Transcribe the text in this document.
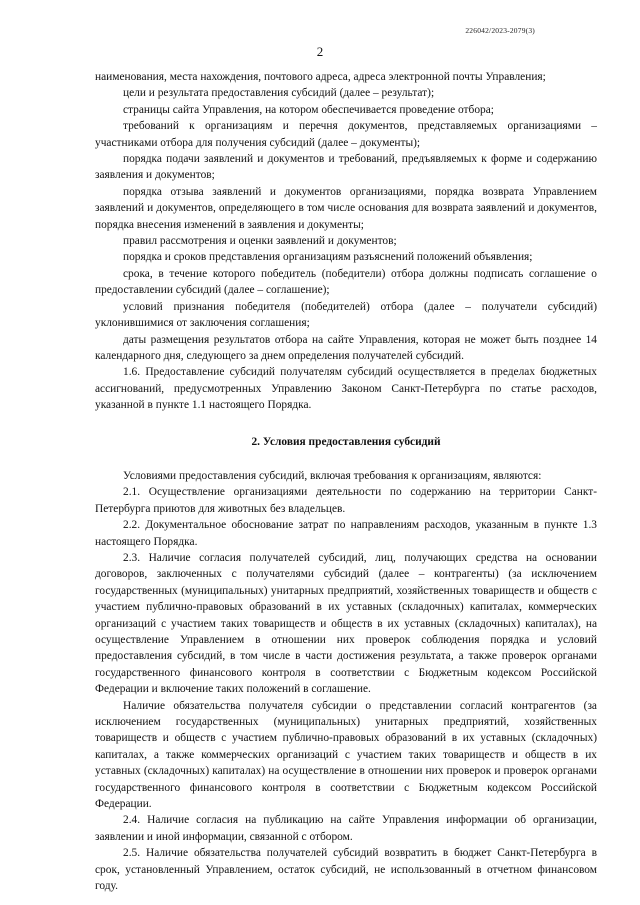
226042/2023-2079(3)
2

наименования, места нахождения, почтового адреса, адреса электронной почты Управления;

цели и результата предоставления субсидий (далее – результат);

страницы сайта Управления, на котором обеспечивается проведение отбора;

требований к организациям и перечня документов, представляемых организациями – участниками отбора для получения субсидий (далее – документы);

порядка подачи заявлений и документов и требований, предъявляемых к форме и содержанию заявления и документов;

порядка отзыва заявлений и документов организациями, порядка возврата Управлением заявлений и документов, определяющего в том числе основания для возврата заявлений и документов, порядка внесения изменений в заявления и документы;

правил рассмотрения и оценки заявлений и документов;

порядка и сроков представления организациям разъяснений положений объявления;

срока, в течение которого победитель (победители) отбора должны подписать соглашение о предоставлении субсидий (далее – соглашение);

условий признания победителя (победителей) отбора (далее – получатели субсидий) уклонившимися от заключения соглашения;

даты размещения результатов отбора на сайте Управления, которая не может быть позднее 14 календарного дня, следующего за днем определения получателей субсидий.

1.6. Предоставление субсидий получателям субсидий осуществляется в пределах бюджетных ассигнований, предусмотренных Управлению Законом Санкт-Петербурга по статье расходов, указанной в пункте 1.1 настоящего Порядка.

2. Условия предоставления субсидий

Условиями предоставления субсидий, включая требования к организациям, являются:

2.1. Осуществление организациями деятельности по содержанию на территории Санкт-Петербурга приютов для животных без владельцев.

2.2. Документальное обоснование затрат по направлениям расходов, указанным в пункте 1.3 настоящего Порядка.

2.3. Наличие согласия получателей субсидий, лиц, получающих средства на основании договоров, заключенных с получателями субсидий (далее – контрагенты) (за исключением государственных (муниципальных) унитарных предприятий, хозяйственных товариществ и обществ с участием публично-правовых образований в их уставных (складочных) капиталах, коммерческих организаций с участием таких товариществ и обществ в их уставных (складочных) капиталах), на осуществление Управлением в отношении них проверок соблюдения порядка и условий предоставления субсидий, в том числе в части достижения результата, а также проверок органами государственного финансового контроля в соответствии с Бюджетным кодексом Российской Федерации и включение таких положений в соглашение.

Наличие обязательства получателя субсидии о представлении согласий контрагентов (за исключением государственных (муниципальных) унитарных предприятий, хозяйственных товариществ и обществ с участием публично-правовых образований в их уставных (складочных) капиталах, а также коммерческих организаций с участием таких товариществ и обществ в их уставных (складочных) капиталах) на осуществление в отношении них проверок и проверок органами государственного финансового контроля в соответствии с Бюджетным кодексом Российской Федерации.

2.4. Наличие согласия на публикацию на сайте Управления информации об организации, заявлении и иной информации, связанной с отбором.

2.5. Наличие обязательства получателей субсидий возвратить в бюджет Санкт-Петербурга в срок, установленный Управлением, остаток субсидий, не использованный в отчетном финансовом году.
